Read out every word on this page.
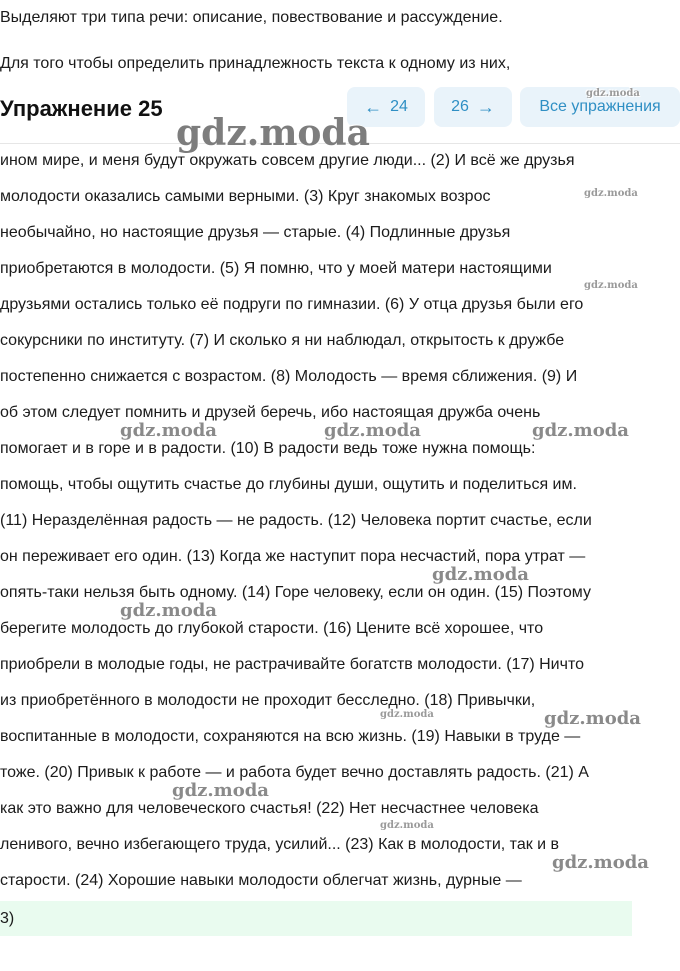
Выделяют три типа речи: описание, повествование и рассуждение.
Для того чтобы определить принадлежность текста к одному из них,
Упражнение 25	← 24	26 →	Все упражнения
ином мире, и меня будут окружать совсем другие люди... (2) И всё же друзья
молодости оказались самыми верными. (3) Круг знакомых возрос
необычайно, но настоящие друзья — старые. (4) Подлинные друзья
приобретаются в молодости. (5) Я помню, что у моей матери настоящими
друзьями остались только её подруги по гимназии. (6) У отца друзья были его
сокурсники по институту. (7) И сколько я ни наблюдал, открытость к дружбе
постепенно снижается с возрастом. (8) Молодость — время сближения. (9) И
об этом следует помнить и друзей беречь, ибо настоящая дружба очень
помогает и в горе и в радости. (10) В радости ведь тоже нужна помощь:
помощь, чтобы ощутить счастье до глубины души, ощутить и поделиться им.
(11) Неразделённая радость — не радость. (12) Человека портит счастье, если
он переживает его один. (13) Когда же наступит пора несчастий, пора утрат —
опять-таки нельзя быть одному. (14) Горе человеку, если он один. (15) Поэтому
берегите молодость до глубокой старости. (16) Цените всё хорошее, что
приобрели в молодые годы, не растрачивайте богатств молодости. (17) Ничто
из приобретённого в молодости не проходит бесследно. (18) Привычки,
воспитанные в молодости, сохраняются на всю жизнь. (19) Навыки в труде —
тоже. (20) Привык к работе — и работа будет вечно доставлять радость. (21) А
как это важно для человеческого счастья! (22) Нет несчастнее человека
ленивого, вечно избегающего труда, усилий... (23) Как в молодости, так и в
старости. (24) Хорошие навыки молодости облегчат жизнь, дурные —
3)
gdz.moda
gdz.moda
gdz.moda
gdz.moda
gdz.moda	gdz.moda	gdz.moda
gdz.moda
gdz.moda
gdz.moda	gdz.moda
gdz.moda
gdz.moda
gdz.moda
